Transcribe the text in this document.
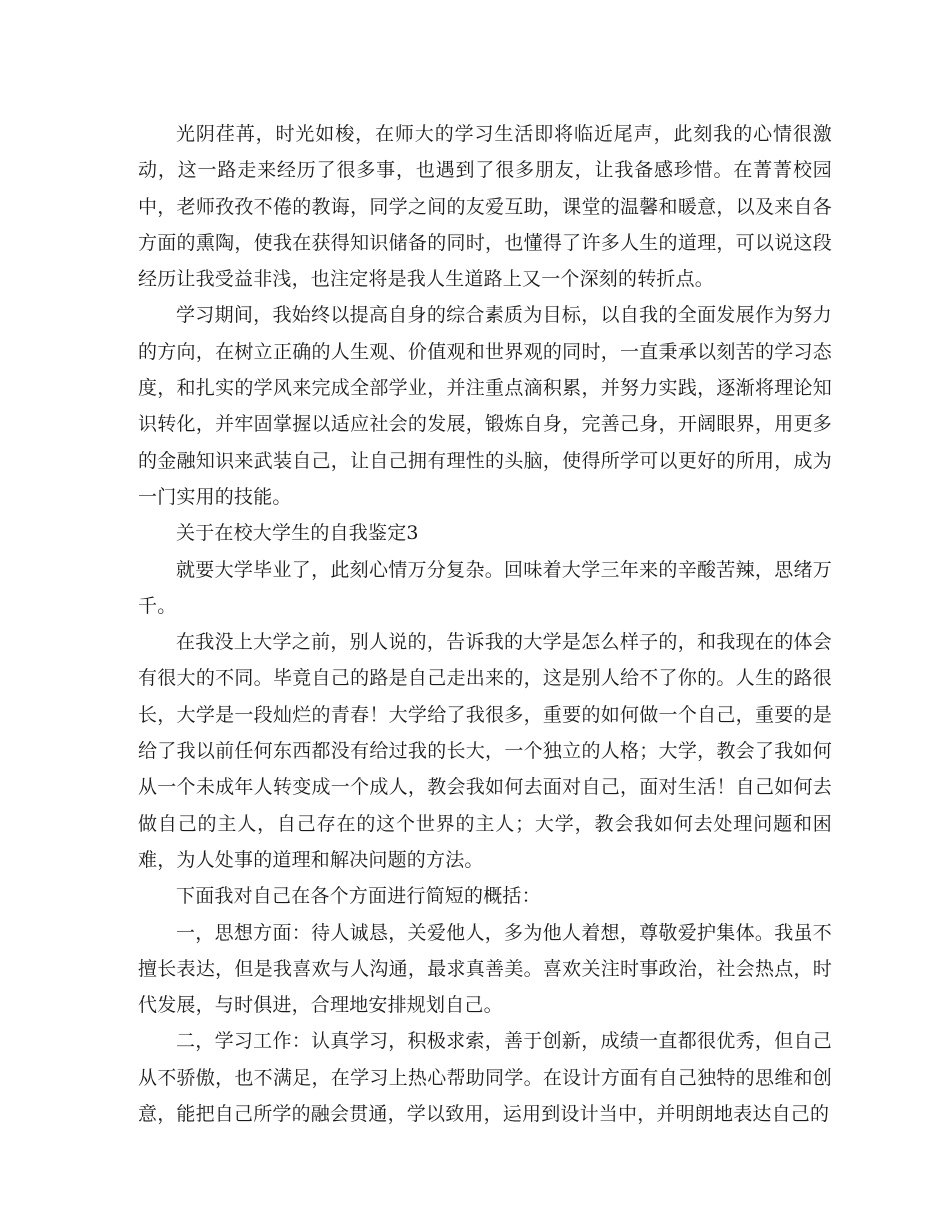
光阴荏苒，时光如梭，在师大的学习生活即将临近尾声，此刻我的心情很激动，这一路走来经历了很多事，也遇到了很多朋友，让我备感珍惜。在菁菁校园中，老师孜孜不倦的教诲，同学之间的友爱互助，课堂的温馨和暖意，以及来自各方面的熏陶，使我在获得知识储备的同时，也懂得了许多人生的道理，可以说这段经历让我受益非浅，也注定将是我人生道路上又一个深刻的转折点。

学习期间，我始终以提高自身的综合素质为目标，以自我的全面发展作为努力的方向，在树立正确的人生观、价值观和世界观的同时，一直秉承以刻苦的学习态度，和扎实的学风来完成全部学业，并注重点滴积累，并努力实践，逐渐将理论知识转化，并牢固掌握以适应社会的发展，锻炼自身，完善己身，开阔眼界，用更多的金融知识来武装自己，让自己拥有理性的头脑，使得所学可以更好的所用，成为一门实用的技能。

关于在校大学生的自我鉴定3

就要大学毕业了，此刻心情万分复杂。回味着大学三年来的辛酸苦辣，思绪万千。

在我没上大学之前，别人说的，告诉我的大学是怎么样子的，和我现在的体会有很大的不同。毕竟自己的路是自己走出来的，这是别人给不了你的。人生的路很长，大学是一段灿烂的青春！大学给了我很多，重要的如何做一个自己，重要的是给了我以前任何东西都没有给过我的长大，一个独立的人格；大学，教会了我如何从一个未成年人转变成一个成人，教会我如何去面对自己，面对生活！自己如何去做自己的主人，自己存在的这个世界的主人；大学，教会我如何去处理问题和困难，为人处事的道理和解决问题的方法。

下面我对自己在各个方面进行简短的概括：

一，思想方面：待人诚恳，关爱他人，多为他人着想，尊敬爱护集体。我虽不擅长表达，但是我喜欢与人沟通，最求真善美。喜欢关注时事政治，社会热点，时代发展，与时俱进，合理地安排规划自己。

二，学习工作：认真学习，积极求索，善于创新，成绩一直都很优秀，但自己从不骄傲，也不满足，在学习上热心帮助同学。在设计方面有自己独特的思维和创意，能把自己所学的融会贯通，学以致用，运用到设计当中，并明朗地表达自己的
